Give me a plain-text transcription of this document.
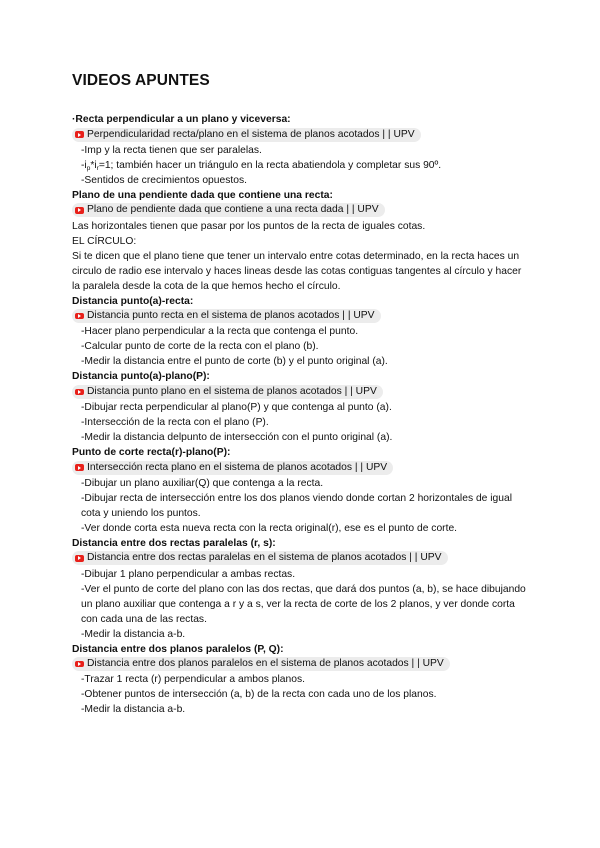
VIDEOS APUNTES
·Recta perpendicular a un plano y viceversa:
Perpendicularidad recta/plano en el sistema de planos acotados | | UPV
-Imp y la recta tienen que ser paralelas.
$-i_p*i_r=1$; también hacer un triángulo en la recta abatiendola y completar sus 90º.
-Sentidos de crecimientos opuestos.
Plano de una pendiente dada que contiene una recta:
Plano de pendiente dada que contiene a una recta dada | | UPV
Las horizontales tienen que pasar por los puntos de la recta de iguales cotas.
EL CÍRCULO:
Si te dicen que el plano tiene que tener un intervalo entre cotas determinado, en la recta haces un circulo de radio ese intervalo y haces lineas desde las cotas contiguas tangentes al círculo y hacer la paralela desde la cota de la que hemos hecho el círculo.
Distancia punto(a)-recta:
Distancia punto recta en el sistema de planos acotados | | UPV
-Hacer plano perpendicular a la recta que contenga el punto.
-Calcular punto de corte de la recta con el plano (b).
-Medir la distancia entre el punto de corte (b) y el punto original (a).
Distancia punto(a)-plano(P):
Distancia punto plano en el sistema de planos acotados | | UPV
-Dibujar recta perpendicular al plano(P) y que contenga al punto (a).
-Intersección de la recta con el plano (P).
-Medir la distancia delpunto de intersección con el punto original (a).
Punto de corte recta(r)-plano(P):
Intersección recta plano en el sistema de planos acotados | | UPV
-Dibujar un plano auxiliar(Q) que contenga a la recta.
-Dibujar recta de intersección entre los dos planos viendo donde cortan 2 horizontales de igual cota y uniendo los puntos.
-Ver donde corta esta nueva recta con la recta original(r), ese es el punto de corte.
Distancia entre dos rectas paralelas (r, s):
Distancia entre dos rectas paralelas en el sistema de planos acotados | | UPV
-Dibujar 1 plano perpendicular a ambas rectas.
-Ver el punto de corte del plano con las dos rectas, que dará dos puntos (a, b), se hace dibujando un plano auxiliar que contenga a r y a s, ver la recta de corte de los 2 planos, y ver donde corta con cada una de las rectas.
-Medir la distancia a-b.
Distancia entre dos planos paralelos (P, Q):
Distancia entre dos planos paralelos en el sistema de planos acotados | | UPV
-Trazar 1 recta (r) perpendicular a ambos planos.
-Obtener puntos de intersección (a, b) de la recta con cada uno de los planos.
-Medir la distancia a-b.
